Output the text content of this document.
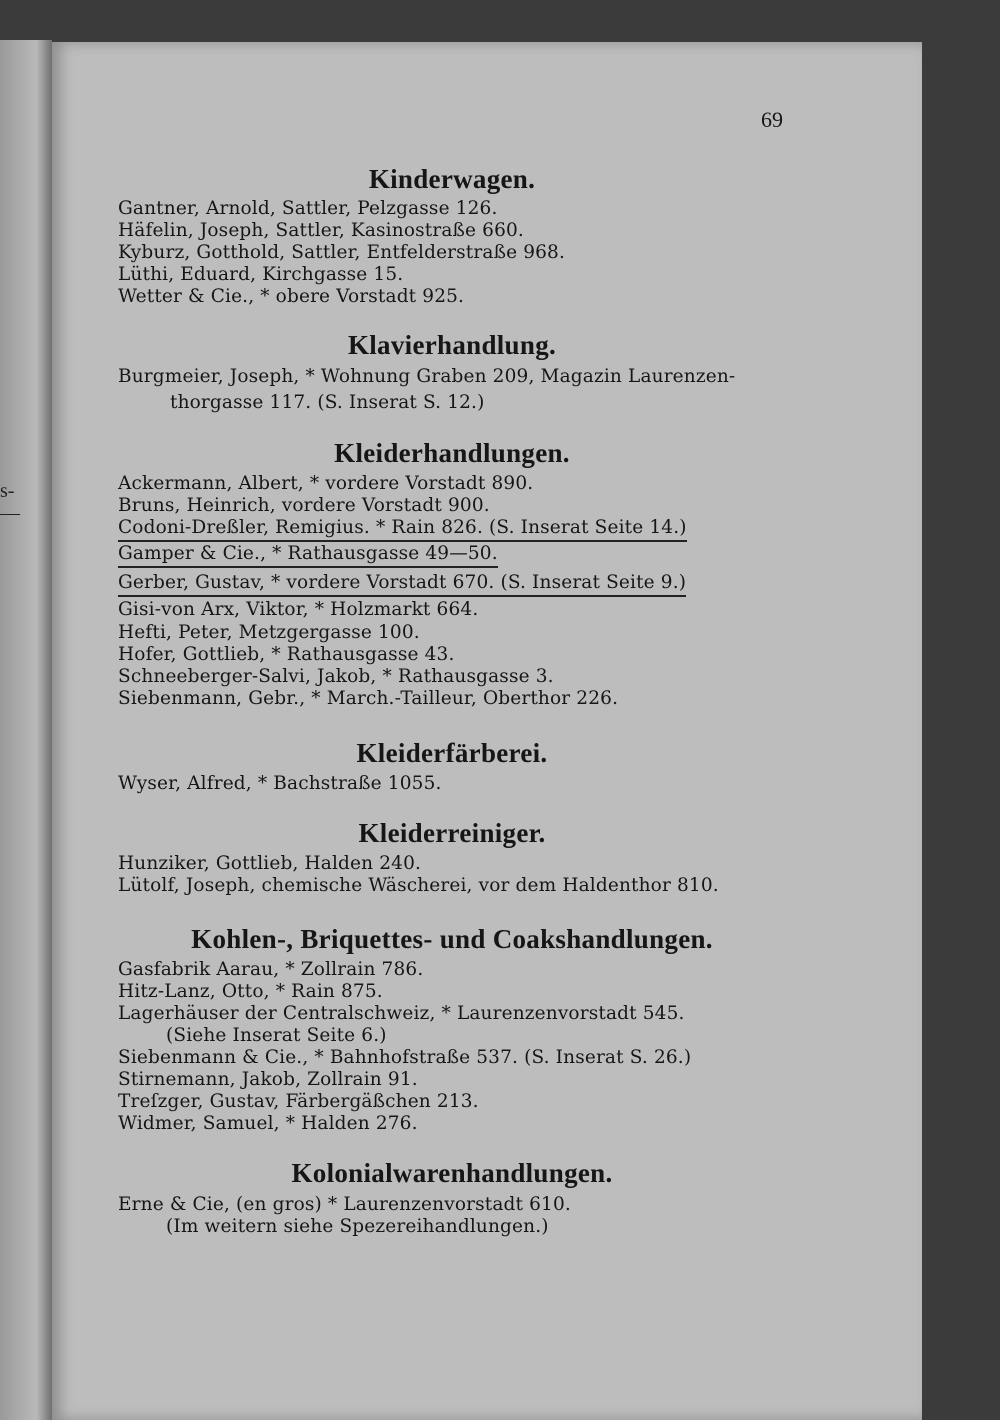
s-
—
69
Kinderwagen.
Gantner, Arnold, Sattler, Pelzgasse 126.
Häfelin, Joseph, Sattler, Kasinostraße 660.
Kyburz, Gotthold, Sattler, Entfelderstraße 968.
Lüthi, Eduard, Kirchgasse 15.
Wetter & Cie., * obere Vorstadt 925.
Klavierhandlung.
Burgmeier, Joseph, * Wohnung Graben 209, Magazin Laurenzen-
thorgasse 117. (S. Inserat S. 12.)
Kleiderhandlungen.
Ackermann, Albert, * vordere Vorstadt 890.
Bruns, Heinrich, vordere Vorstadt 900.
Codoni-Dreßler, Remigius. * Rain 826. (S. Inserat Seite 14.)
Gamper & Cie., * Rathausgasse 49—50.
Gerber, Gustav, * vordere Vorstadt 670. (S. Inserat Seite 9.)
Gisi-von Arx, Viktor, * Holzmarkt 664.
Hefti, Peter, Metzgergasse 100.
Hofer, Gottlieb, * Rathausgasse 43.
Schneeberger-Salvi, Jakob, * Rathausgasse 3.
Siebenmann, Gebr., * March.-Tailleur, Oberthor 226.
Kleiderfärberei.
Wyser, Alfred, * Bachstraße 1055.
Kleiderreiniger.
Hunziker, Gottlieb, Halden 240.
Lütolf, Joseph, chemische Wäscherei, vor dem Haldenthor 810.
Kohlen-, Briquettes- und Coakshandlungen.
Gasfabrik Aarau, * Zollrain 786.
Hitz-Lanz, Otto, * Rain 875.
Lagerhäuser der Centralschweiz, * Laurenzenvorstadt 545.
(Siehe Inserat Seite 6.)
Siebenmann & Cie., * Bahnhofstraße 537. (S. Inserat S. 26.)
Stirnemann, Jakob, Zollrain 91.
Treſzger, Gustav, Färbergäßchen 213.
Widmer, Samuel, * Halden 276.
Kolonialwarenhandlungen.
Erne & Cie, (en gros) * Laurenzenvorstadt 610.
(Im weitern siehe Spezereihandlungen.)
